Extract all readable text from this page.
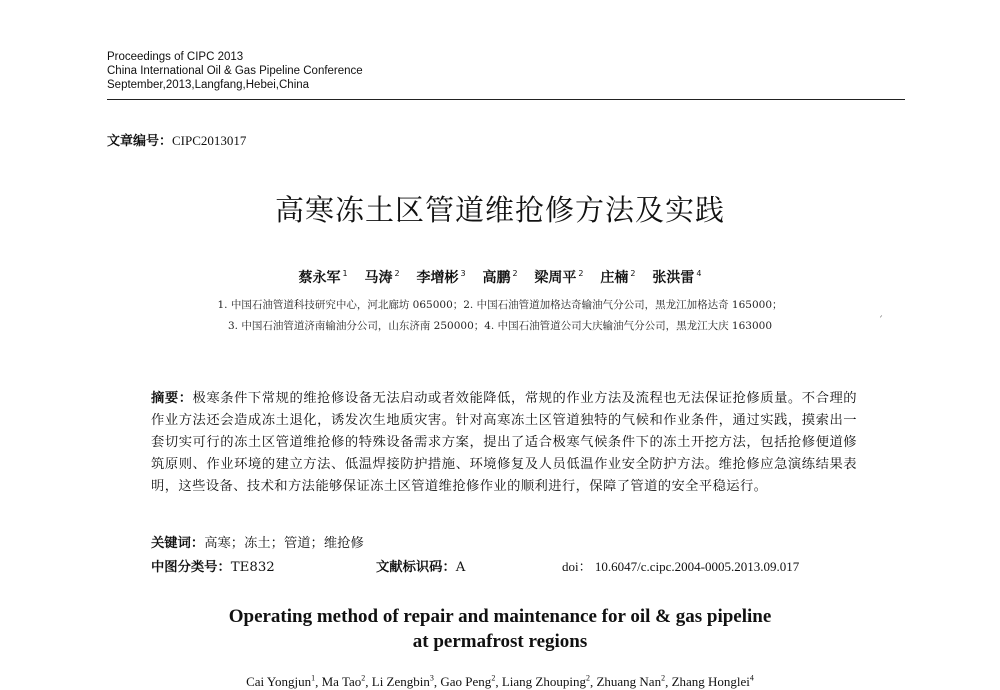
Proceedings of CIPC 2013
China International Oil & Gas Pipeline Conference
September,2013,Langfang,Hebei,China
文章编号：CIPC2013017
高寒冻土区管道维抢修方法及实践
蔡永军 $^1$ 马涛 $^2$ 李增彬 $^3$ 高鹏 $^2$ 梁周平 $^2$ 庄楠 $^2$ 张洪雷 $^4$
1. 中国石油管道科技研究中心，河北廊坊 065000；2. 中国石油管道加格达奇输油气分公司，黑龙江加格达奇 165000；
3. 中国石油管道济南输油分公司，山东济南 250000；4. 中国石油管道公司大庆输油气分公司，黑龙江大庆 163000	´
摘要：极寒条件下常规的维抢修设备无法启动或者效能降低，常规的作业方法及流程也无法保证抢修质量。不合理的作业方法还会造成冻土退化，诱发次生地质灾害。针对高寒冻土区管道独特的气候和作业条件，通过实践，摸索出一套切实可行的冻土区管道维抢修的特殊设备需求方案，提出了适合极寒气候条件下的冻土开挖方法，包括抢修便道修筑原则、作业环境的建立方法、低温焊接防护措施、环境修复及人员低温作业安全防护方法。维抢修应急演练结果表明，这些设备、技术和方法能够保证冻土区管道维抢修作业的顺利进行，保障了管道的安全平稳运行。
关键词：高寒；冻土；管道；维抢修
中图分类号：TE832	文献标识码：A	doi： 10.6047/c.cipc.2004-0005.2013.09.017
Operating method of repair and maintenance for oil & gas pipeline
at permafrost regions
Cai Yongjun$^1$, Ma Tao$^2$, Li Zengbin$^3$, Gao Peng$^2$, Liang Zhouping$^2$, Zhuang Nan$^2$, Zhang Honglei$^4$
